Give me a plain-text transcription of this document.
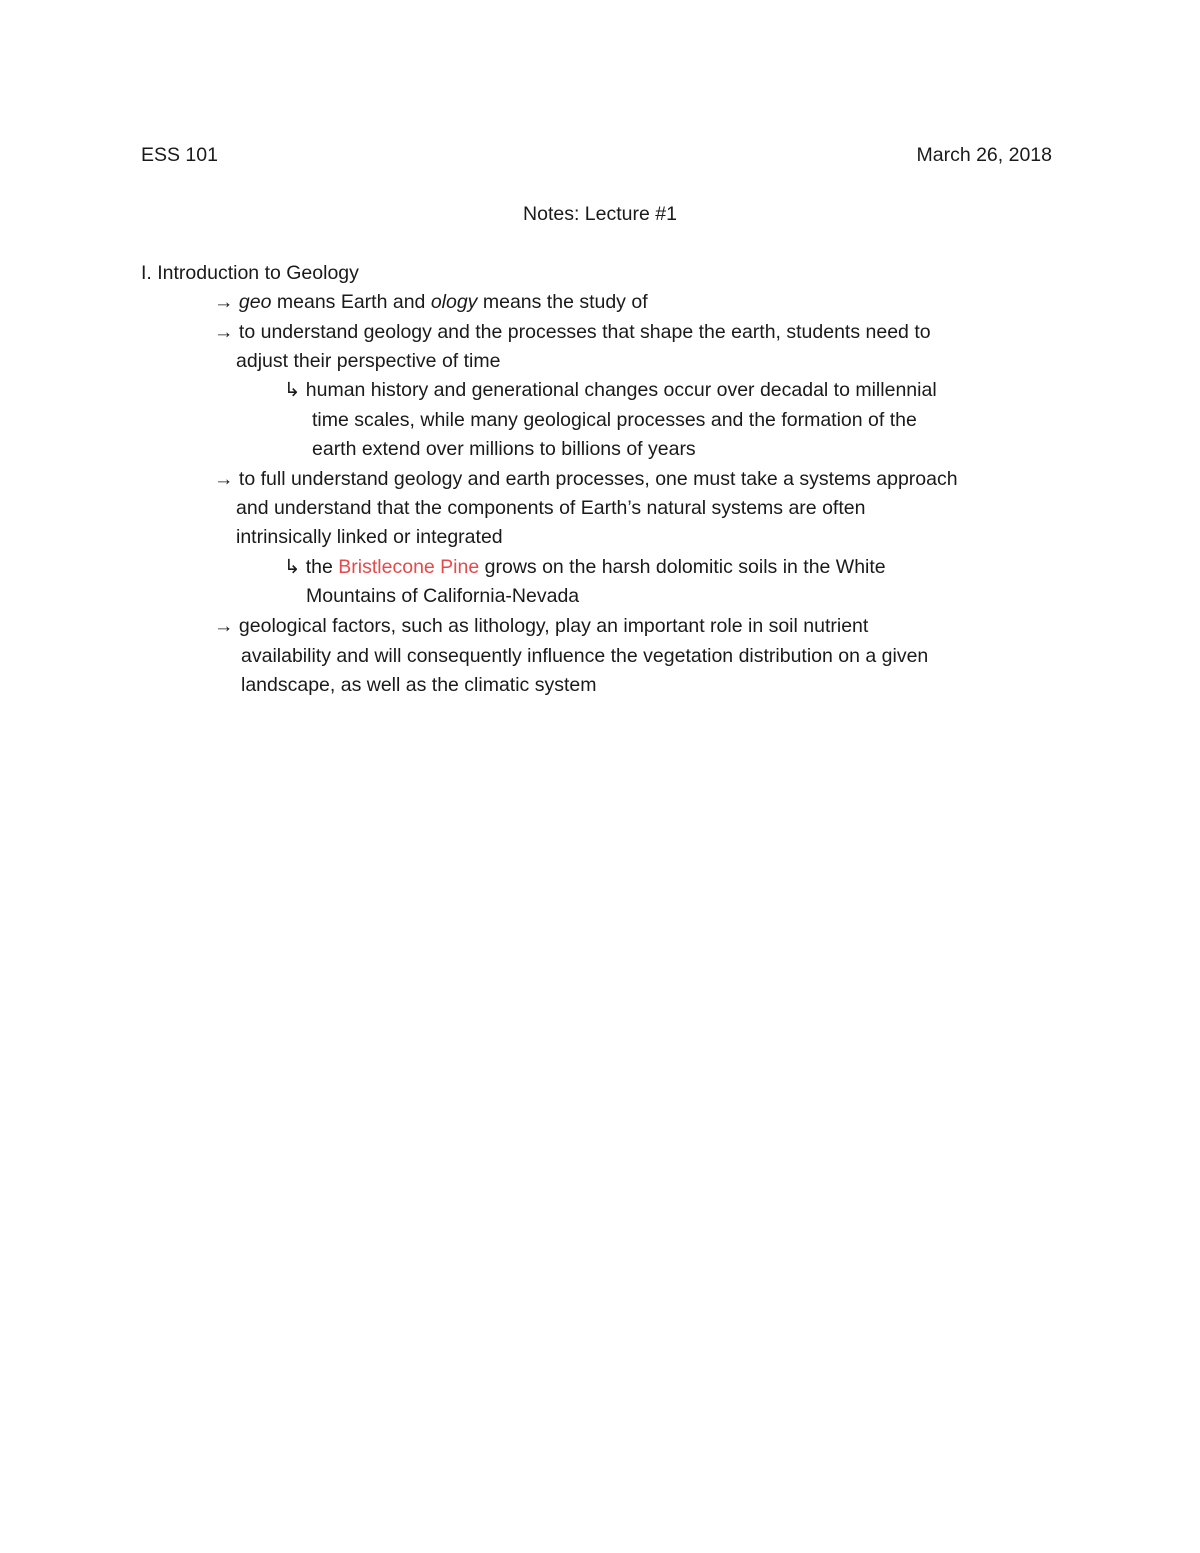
ESS 101	March 26, 2018
Notes: Lecture #1
I. Introduction to Geology
→ geo means Earth and ology means the study of
→ to understand geology and the processes that shape the earth, students need to
adjust their perspective of time
↳ human history and generational changes occur over decadal to millennial
time scales, while many geological processes and the formation of the
earth extend over millions to billions of years
→ to full understand geology and earth processes, one must take a systems approach
and understand that the components of Earth’s natural systems are often
intrinsically linked or integrated
↳ the Bristlecone Pine grows on the harsh dolomitic soils in the White
Mountains of California-Nevada
→ geological factors, such as lithology, play an important role in soil nutrient
availability and will consequently influence the vegetation distribution on a given
landscape, as well as the climatic system
